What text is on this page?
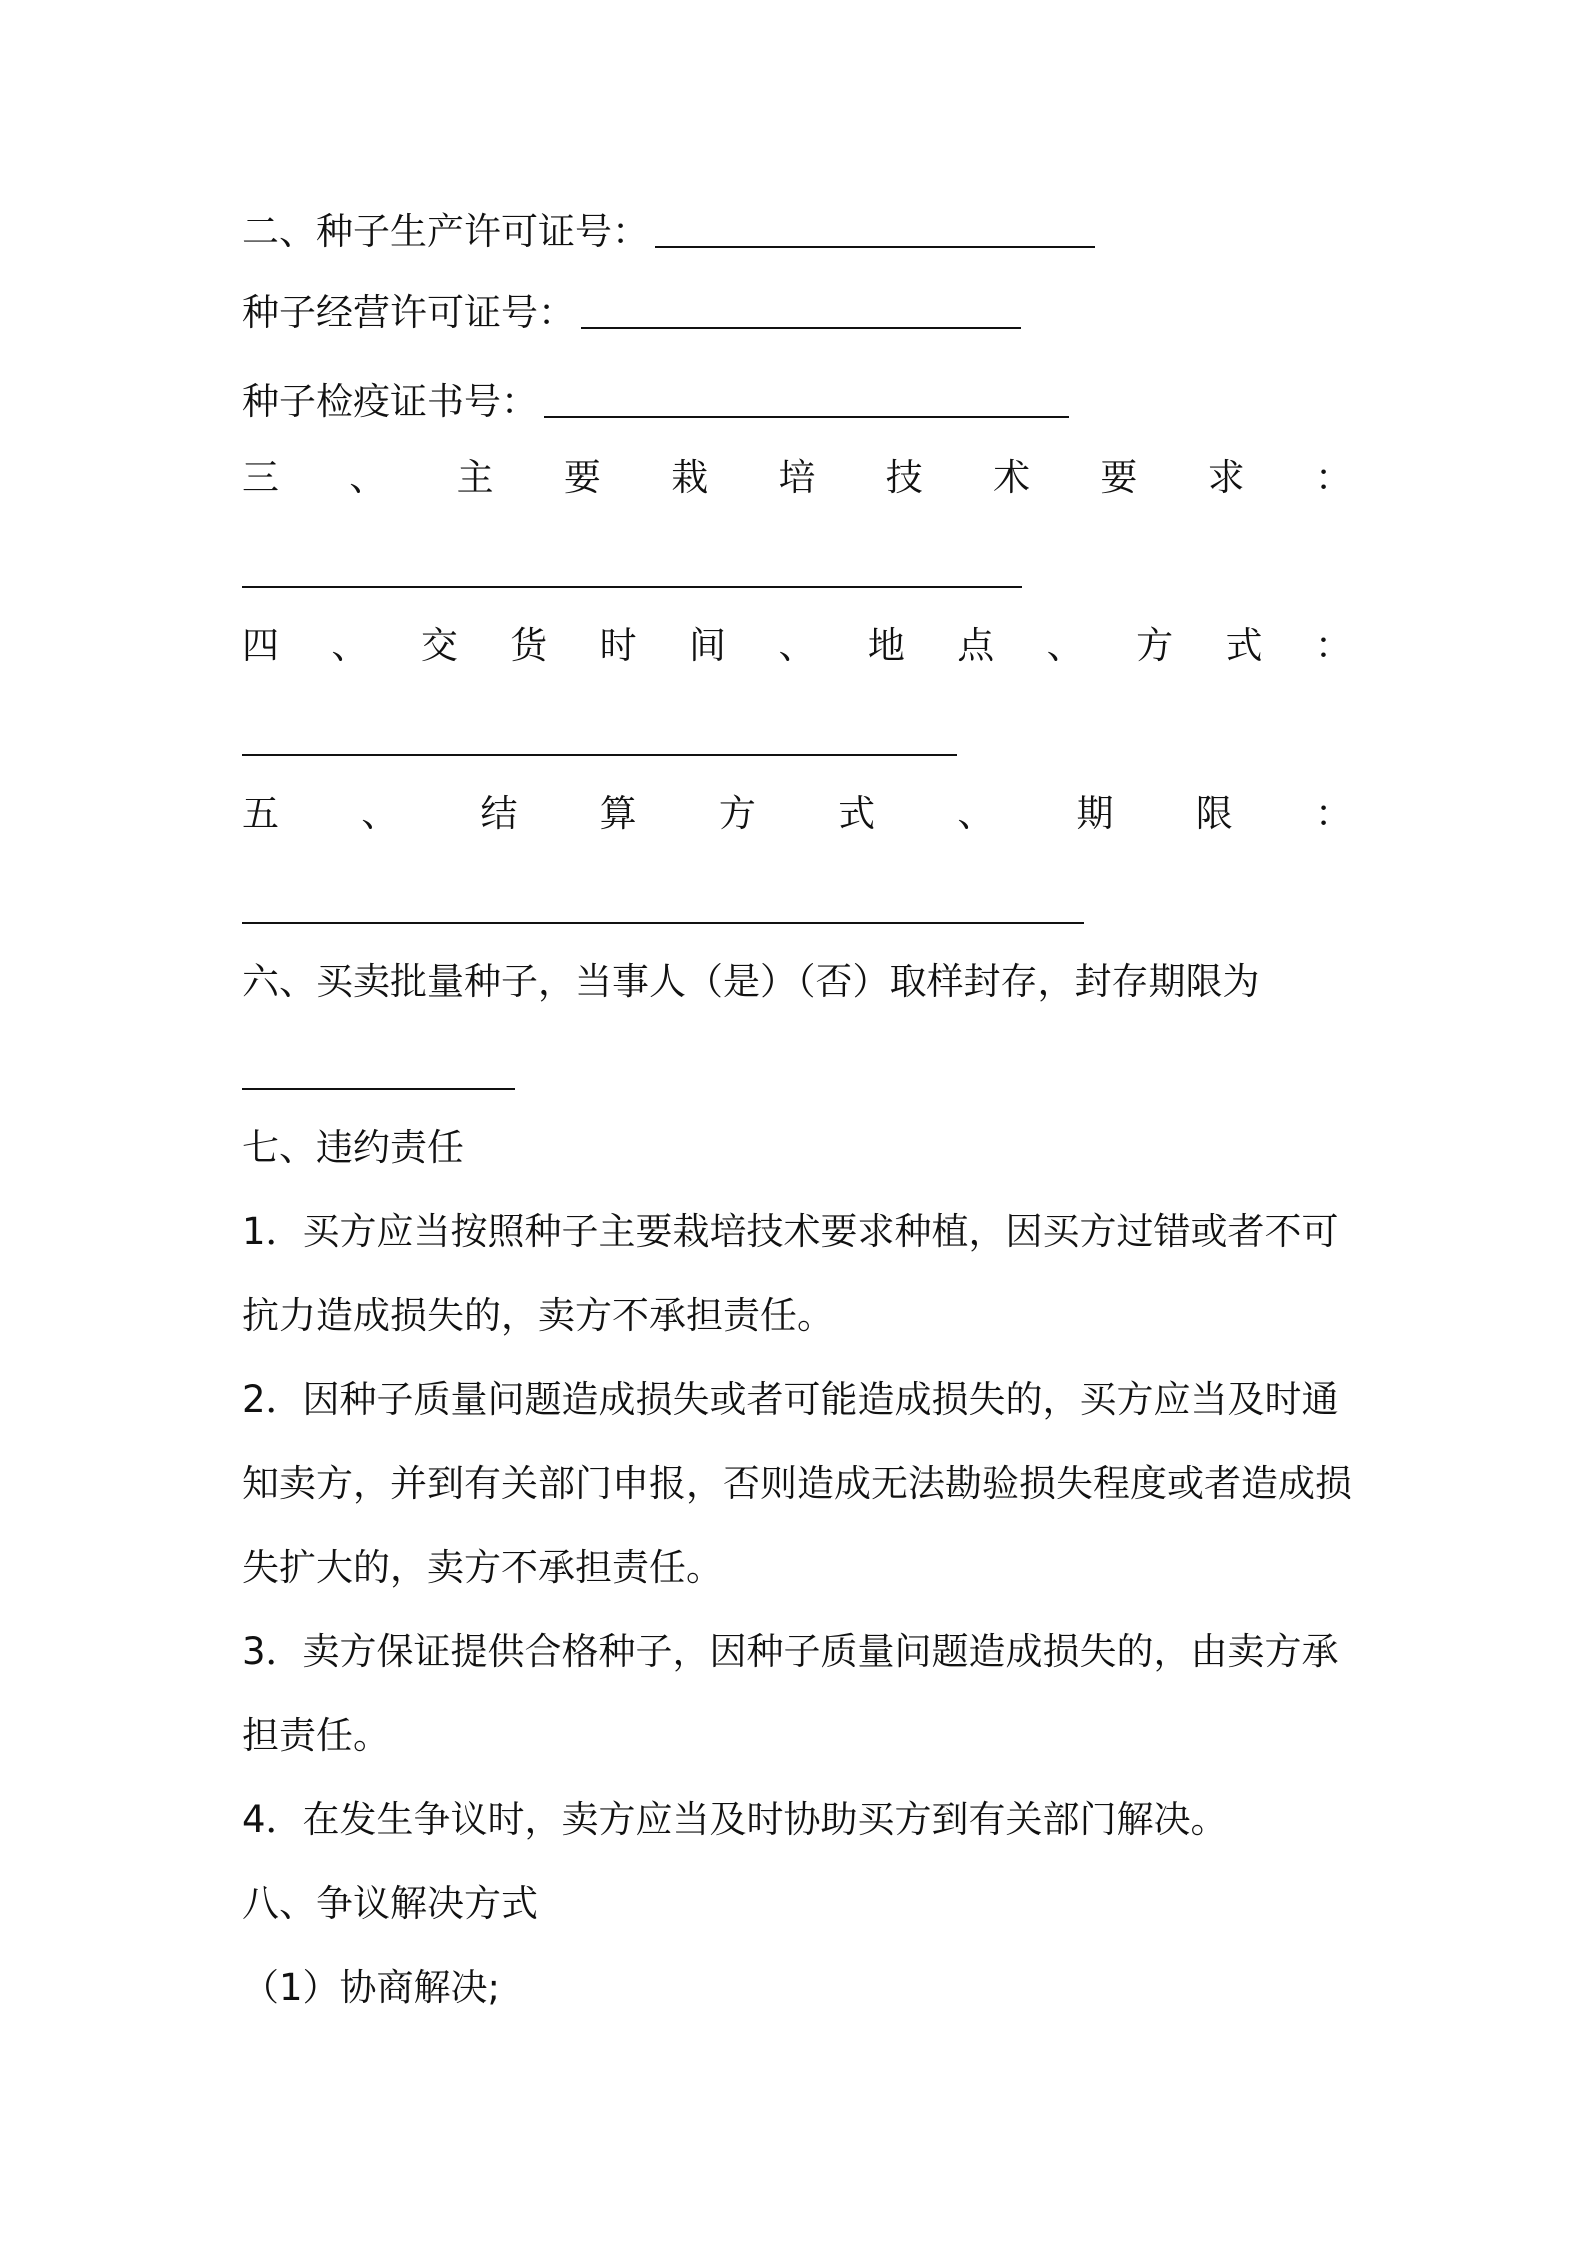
二、种子生产许可证号：
种子经营许可证号：
种子检疫证书号：
三 、 主 要 栽 培 技 术 要 求 ：
四 、 交 货 时 间 、 地 点 、 方 式 ：
五 、 结 算 方 式 、 期 限 ：
六、买卖批量种子，当事人（是）（否）取样封存，封存期限为
七、违约责任
1．买方应当按照种子主要栽培技术要求种植，因买方过错或者不可
抗力造成损失的，卖方不承担责任。
2．因种子质量问题造成损失或者可能造成损失的，买方应当及时通
知卖方，并到有关部门申报，否则造成无法勘验损失程度或者造成损
失扩大的，卖方不承担责任。
3．卖方保证提供合格种子，因种子质量问题造成损失的，由卖方承
担责任。
4．在发生争议时，卖方应当及时协助买方到有关部门解决。
八、争议解决方式
（1）协商解决;
